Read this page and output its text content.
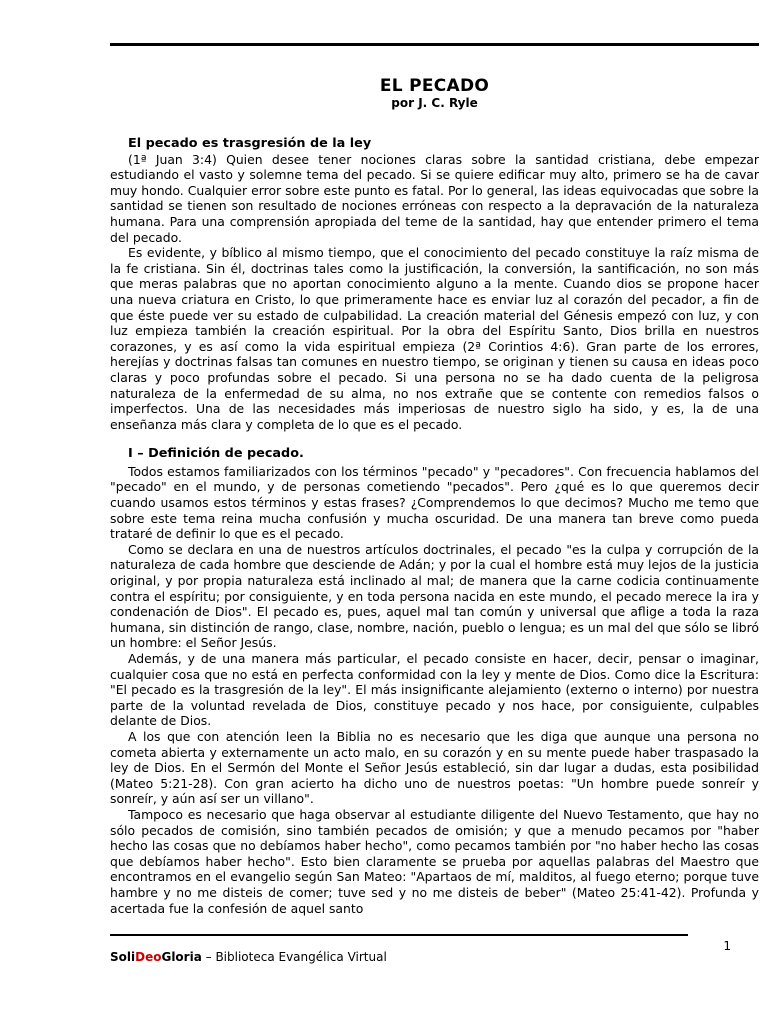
EL PECADO
por J. C. Ryle

El pecado es trasgresión de la ley

(1ª Juan 3:4) Quien desee tener nociones claras sobre la santidad cristiana, debe empezar estudiando el vasto y solemne tema del pecado. Si se quiere edificar muy alto, primero se ha de cavar muy hondo. Cualquier error sobre este punto es fatal. Por lo general, las ideas equivocadas que sobre la santidad se tienen son resultado de nociones erróneas con respecto a la depravación de la naturaleza humana. Para una comprensión apropiada del teme de la santidad, hay que entender primero el tema del pecado.

Es evidente, y bíblico al mismo tiempo, que el conocimiento del pecado constituye la raíz misma de la fe cristiana. Sin él, doctrinas tales como la justificación, la conversión, la santificación, no son más que meras palabras que no aportan conocimiento alguno a la mente. Cuando dios se propone hacer una nueva criatura en Cristo, lo que primeramente hace es enviar luz al corazón del pecador, a fin de que éste puede ver su estado de culpabilidad. La creación material del Génesis empezó con luz, y con luz empieza también la creación espiritual. Por la obra del Espíritu Santo, Dios brilla en nuestros corazones, y es así como la vida espiritual empieza (2ª Corintios 4:6). Gran parte de los errores, herejías y doctrinas falsas tan comunes en nuestro tiempo, se originan y tienen su causa en ideas poco claras y poco profundas sobre el pecado. Si una persona no se ha dado cuenta de la peligrosa naturaleza de la enfermedad de su alma, no nos extrañe que se contente con remedios falsos o imperfectos. Una de las necesidades más imperiosas de nuestro siglo ha sido, y es, la de una enseñanza más clara y completa de lo que es el pecado.

I – Definición de pecado.

Todos estamos familiarizados con los términos "pecado" y "pecadores". Con frecuencia hablamos del "pecado" en el mundo, y de personas cometiendo "pecados". Pero ¿qué es lo que queremos decir cuando usamos estos términos y estas frases? ¿Comprendemos lo que decimos? Mucho me temo que sobre este tema reina mucha confusión y mucha oscuridad. De una manera tan breve como pueda trataré de definir lo que es el pecado.

Como se declara en una de nuestros artículos doctrinales, el pecado "es la culpa y corrupción de la naturaleza de cada hombre que desciende de Adán; y por la cual el hombre está muy lejos de la justicia original, y por propia naturaleza está inclinado al mal; de manera que la carne codicia continuamente contra el espíritu; por consiguiente, y en toda persona nacida en este mundo, el pecado merece la ira y condenación de Dios". El pecado es, pues, aquel mal tan común y universal que aflige a toda la raza humana, sin distinción de rango, clase, nombre, nación, pueblo o lengua; es un mal del que sólo se libró un hombre: el Señor Jesús.

Además, y de una manera más particular, el pecado consiste en hacer, decir, pensar o imaginar, cualquier cosa que no está en perfecta conformidad con la ley y mente de Dios. Como dice la Escritura: "El pecado es la trasgresión de la ley". El más insignificante alejamiento (externo o interno) por nuestra parte de la voluntad revelada de Dios, constituye pecado y nos hace, por consiguiente, culpables delante de Dios.

A los que con atención leen la Biblia no es necesario que les diga que aunque una persona no cometa abierta y externamente un acto malo, en su corazón y en su mente puede haber traspasado la ley de Dios. En el Sermón del Monte el Señor Jesús estableció, sin dar lugar a dudas, esta posibilidad (Mateo 5:21-28). Con gran acierto ha dicho uno de nuestros poetas: "Un hombre puede sonreír y sonreír, y aún así ser un villano".

Tampoco es necesario que haga observar al estudiante diligente del Nuevo Testamento, que hay no sólo pecados de comisión, sino también pecados de omisión; y que a menudo pecamos por "haber hecho las cosas que no debíamos haber hecho", como pecamos también por "no haber hecho las cosas que debíamos haber hecho". Esto bien claramente se prueba por aquellas palabras del Maestro que encontramos en el evangelio según San Mateo: "Apartaos de mí, malditos, al fuego eterno; porque tuve hambre y no me disteis de comer; tuve sed y no me disteis de beber" (Mateo 25:41-42). Profunda y acertada fue la confesión de aquel santo

1
SoliDeoGloria – Biblioteca Evangélica Virtual
